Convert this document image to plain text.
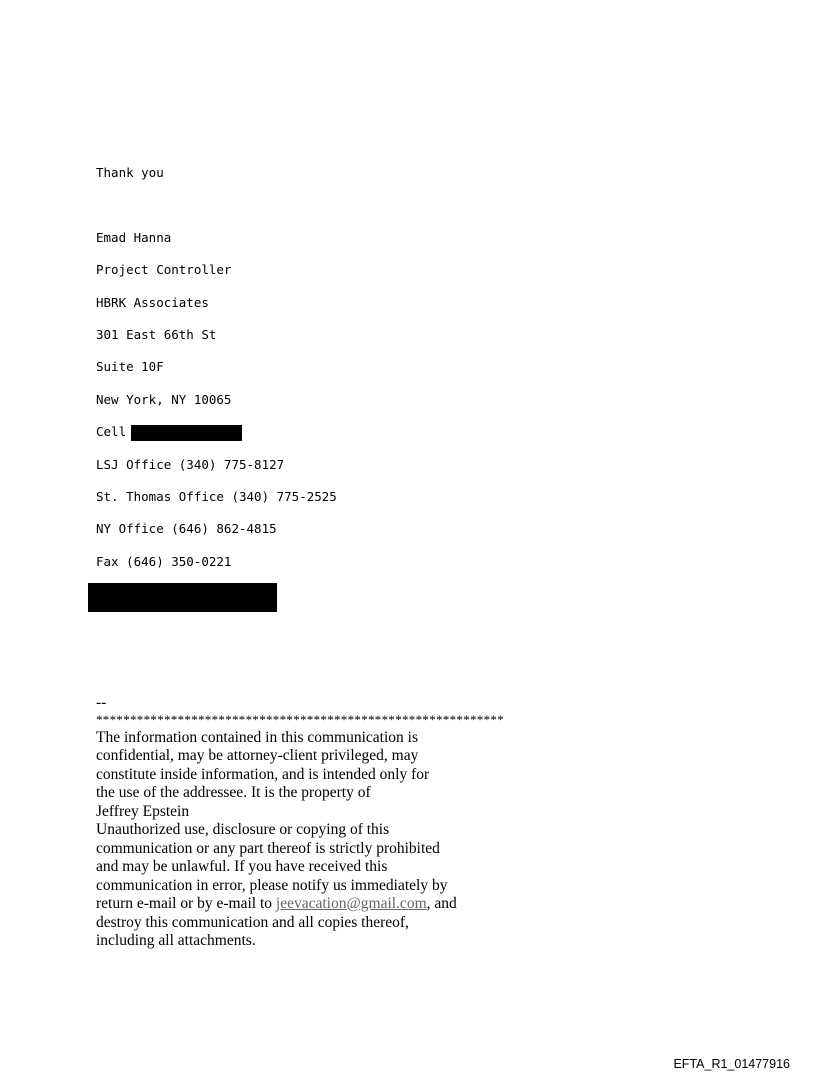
Thank you
Emad Hanna
Project Controller
HBRK Associates
301 East 66th St
Suite 10F
New York, NY 10065
Cell
LSJ Office (340) 775-8127
St. Thomas Office (340) 775-2525
NY Office (646) 862-4815
Fax (646) 350-0221
--
************************************************************
The information contained in this communication is
confidential, may be attorney-client privileged, may
constitute inside information, and is intended only for
the use of the addressee. It is the property of
Jeffrey Epstein
Unauthorized use, disclosure or copying of this
communication or any part thereof is strictly prohibited
and may be unlawful. If you have received this
communication in error, please notify us immediately by
return e-mail or by e-mail to jeevacation@gmail.com, and
destroy this communication and all copies thereof,
including all attachments.
EFTA_R1_01477916
